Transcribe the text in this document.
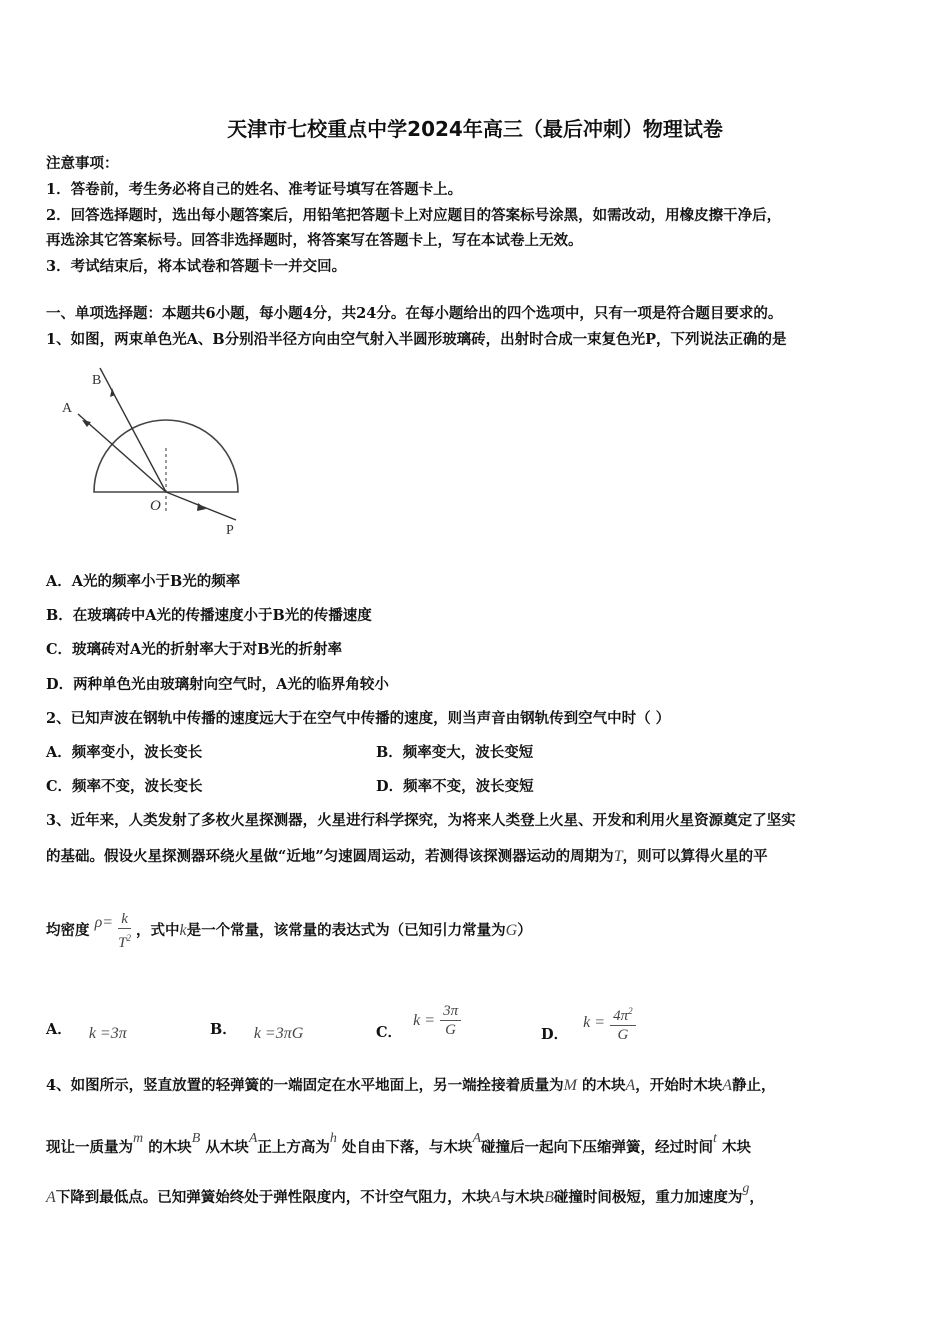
天津市七校重点中学2024年高三（最后冲刺）物理试卷
注意事项：
1．答卷前，考生务必将自己的姓名、准考证号填写在答题卡上。
2．回答选择题时，选出每小题答案后，用铅笔把答题卡上对应题目的答案标号涂黑，如需改动，用橡皮擦干净后，
再选涂其它答案标号。回答非选择题时，将答案写在答题卡上，写在本试卷上无效。
3．考试结束后，将本试卷和答题卡一并交回。
一、单项选择题：本题共6小题，每小题4分，共24分。在每小题给出的四个选项中，只有一项是符合题目要求的。
1、如图，两束单色光A、B分别沿半径方向由空气射入半圆形玻璃砖，出射时合成一束复色光P，下列说法正确的是
A
B
O
P
A．A光的频率小于B光的频率
B．在玻璃砖中A光的传播速度小于B光的传播速度
C．玻璃砖对A光的折射率大于对B光的折射率
D．两种单色光由玻璃射向空气时，A光的临界角较小
2、已知声波在钢轨中传播的速度远大于在空气中传播的速度，则当声音由钢轨传到空气中时（ ）
A．频率变小，波长变长	B．频率变大，波长变短
C．频率不变，波长变长	D．频率不变，波长变短
3、近年来，人类发射了多枚火星探测器，火星进行科学探究，为将来人类登上火星、开发和利用火星资源奠定了坚实
的基础。假设火星探测器环绕火星做“近地”匀速圆周运动，若测得该探测器运动的周期为T，则可以算得火星的平
均密度 $\rho= \frac{k}{T^2}$ ，式中k是一个常量，该常量的表达式为（已知引力常量为G）
A． k =3π	B． k =3πG	C． $k = \frac{3\pi}{G}$	D． $k = \frac{4\pi^2}{G}$
4、如图所示，竖直放置的轻弹簧的一端固定在水平地面上，另一端拴接着质量为M 的木块A，开始时木块A静止，
现让一质量为m 的木块B 从木块A正上方高为h 处自由下落，与木块A碰撞后一起向下压缩弹簧，经过时间t 木块
A下降到最低点。已知弹簧始终处于弹性限度内，不计空气阻力，木块A与木块B碰撞时间极短，重力加速度为g，
